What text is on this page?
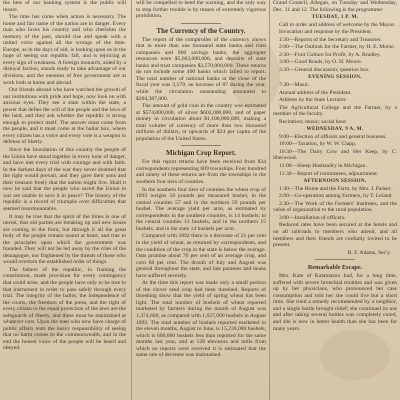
the best of our banking system is the public will insure.

The time has come when action is necessary. The home and fair name of the nation are in danger. Every man who loves his country and who cherishes the memory of the past, should rise and speak with a united voice against all the wrongs of the time. Europe, as in the days of old, is looking upon us in the hope of seeing our republic fall, and is rejoicing at every sign of weakness. A foreign monarch, aided by a disloyal faction, stands ready to take advantage of our divisions, and the enemies of free government are at work both at home and abroad.

Our friends abroad who have watched the growth of our institutions with pride and hope, now look on with anxious eyes. They see a state within the state, a power that defies the will of the people and the laws of the land, and they ask whether the republic is strong enough to protect itself. The answer must come from the people, and it must come at the ballot box, where every citizen has a voice and every vote is a weapon in defense of liberty.

Since the foundation of this country the people of the Union have stood together in every hour of danger, and have met every trial with courage and with faith. In the darkest days of the war they never doubted that the right would prevail, and they gave their sons and their treasure freely that the nation might live. Shall it now be said that the people who saved the Union in war are unable to save it in peace? The history of the republic is a record of triumphs over difficulties that seemed insurmountable.

It may be true that the spirit of the times is one of unrest, that old parties are breaking up and new issues are coming to the front, but through it all the great body of the people remain sound at heart, and true to the principles upon which the government was founded. They will not be led away by the cries of the demagogue, nor frightened by the threats of those who would overturn the established order of things.

The fathers of the republic, in framing the constitution, made provision for every contingency that could arise, and the people have only to be true to that instrument in order to pass safely through every trial. The integrity of the ballot, the independence of the courts, the freedom of the press, and the right of every citizen to the equal protection of the laws are the safeguards of liberty, and these must be maintained at whatever cost. Upon the men who now have charge of public affairs rests the heavy responsibility of seeing that no harm comes to the commonwealth, and in the end the honest voice of the people will be heard and obeyed.

will be compelled to heed the warning, and the only way to stop further trouble is by means of extremely vigorous prohibition.

The Currency of the Country.

The report of the comptroller of the currency shows that in more than one thousand state banks and trust companies and 800 savings banks, the aggregate resources were $5,663,000,000, and deposits of state banks and trust companies $2,570,000,000. These returns do not include some 400 banks which failed to report. The total number of national banks at the close of the fiscal year was 3,579, an increase of 87 during the year, while the circulation outstanding amounted to $204,387,000.

The amount of gold coin in the country was estimated at $574,000,000, of silver $602,000,000, and of paper money in circulation about $1,100,000,000, making a total volume of currency of more than two thousand millions of dollars, or upwards of $24 per capita of the population of the United States.

Michigan Crop Report.

For this report returns have been received from 834 correspondents representing 609 townships. Four hundred and ninety of these returns are from the townships in the southern four tiers of counties.

In the southern four tiers of counties the wheat crop of 1893 weighs 58 pounds per measured bushel, in the central counties 57 and in the northern 59 pounds per bushel. The average yield per acre, as estimated by correspondents in the southern counties, is 14 bushels; in the central counties 13 bushels, and in the northern 15 bushels, and in the state 14 bushels per acre.

Compared with 1892 there is a decrease of 21 per cent in the yield of wheat, as returned by correspondents, and the condition of the crop in the state is below the average. Oats promise about 70 per cent of an average crop, and corn 68 per cent. The drouth of July and August was general throughout the state, and late potatoes and beans have suffered severely.

At the time this report was made only a small portion of the clover seed crop had been threshed. Reports of threshing show that the yield of spring wheat has been light. The total number of bushels of wheat reported marketed by farmers during the month of August was 1,374,600, as compared with 1,627,000 bushels in August 1892. The total number of bushels reported marketed in the eleven months, August to June, is 15,230,000 bushels, which is 600,000 bushels less than reported for the same months last year, and at 128 elevators and mills from which no reports were received it is estimated that the same rate of decrease was maintained.

Grand Council, Allegan, on Tuesday and Wednesday, Dec. 11 and 12. The following is the programme:

TUESDAY, 1 P. M.

Call to order and address of welcome by the Mayor.

Invocation and response by the President.

1:30—Reports of the Secretary and Treasurer.

2:00—The Outlook for the Farmer, by H. E. Morse.

2:30—Fruit Culture for Profit, by A. Bradley.

3:00—Good Roads, by O. H. Moore.

3:30—General discussion; question box.

EVENING SESSION.

7:30—Music.

Annual address of the President.

Address by the State Lecturer.

The Agricultural College and the Farmer, by a member of the faculty.

Recitation; music; social hour.

WEDNESDAY, 9 A. M.

9:00—Election of officers and general business.

10:00—Taxation, by W. W. Clapp.

10:30—The Dairy Cow and Her Keep, by C. Sherwood.

11:00—Sheep Husbandry in Michigan.

11:30—Report of committees; adjournment.

AFTERNOON SESSION.

1:30—The Home and the Farm, by Mrs. J. Parker.

2:00—Co-operation among Farmers, by T. Leland.

2:30—The Work of the Farmers' Institutes, and the value of organization to the rural population.

3:00—Installation of officers.

Reduced rates have been secured at the hotels and on all railroads to members who attend, and all members and their friends are cordially invited to be present.

H. F. Adams, Sec'y.
Remarkable Escape.

Mrs. Kate of Kalamazoo had, for a long time, suffered with severe bronchial troubles and was given up by her physicians, who pronounced her case consumption and told her she could live but a short time. She tried a remedy recommended by a neighbor, and a single bottle brought relief; she continued its use and after taking several bottles was completely cured, and she is now in better health than she has been for many years.
